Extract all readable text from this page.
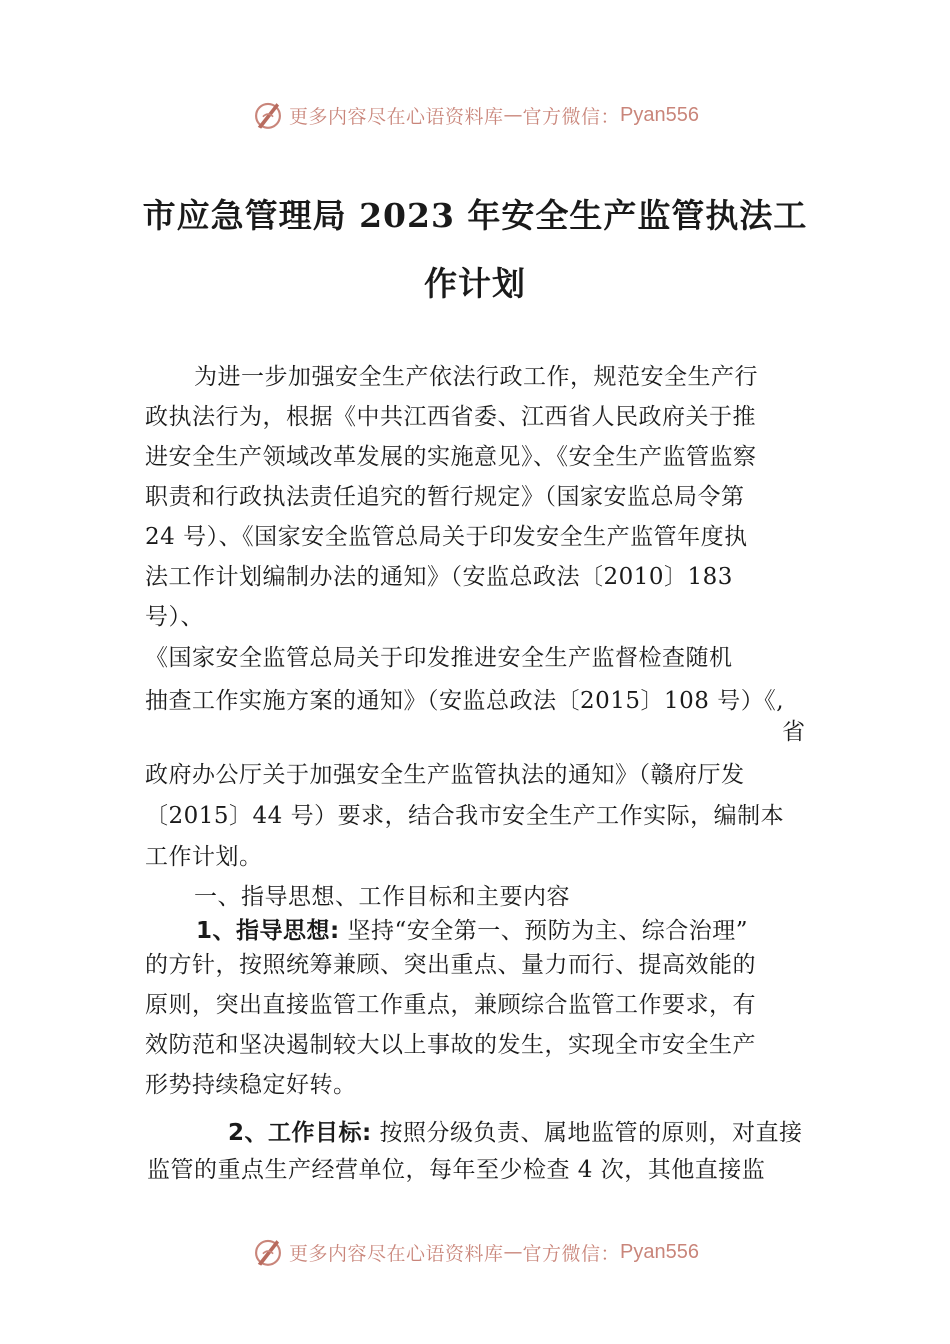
更多内容尽在心语资料库 — 官方微信： Pyan556
市应急管理局 2023 年安全生产监管执法工
作计划
为进一步加强安全生产依法行政工作，规范安全生产行
政执法行为，根据《中共江西省委、江西省人民政府关于推
进安全生产领域改革发展的实施意见》、《安全生产监管监察
职责和行政执法责任追究的暂行规定》（国家安监总局令第
24 号）、《国家安全监管总局关于印发安全生产监管年度执
法工作计划编制办法的通知》（安监总政法〔2010〕183
号）、
《国家安全监管总局关于印发推进安全生产监督检查随机
抽查工作实施方案的通知》（安监总政法〔2015〕108 号）《,
省
政府办公厅关于加强安全生产监管执法的通知》（赣府厅发
〔2015〕44 号）要求，结合我市安全生产工作实际，编制本
工作计划。
一、指导思想、工作目标和主要内容
1、指导思想: 坚持“安全第一、预防为主、综合治理”
的方针，按照统筹兼顾、突出重点、量力而行、提高效能的
原则，突出直接监管工作重点，兼顾综合监管工作要求，有
效防范和坚决遏制较大以上事故的发生，实现全市安全生产
形势持续稳定好转。
2、工作目标: 按照分级负责、属地监管的原则，对直接
监管的重点生产经营单位，每年至少检查 4 次，其他直接监
更多内容尽在心语资料库 — 官方微信： Pyan556
